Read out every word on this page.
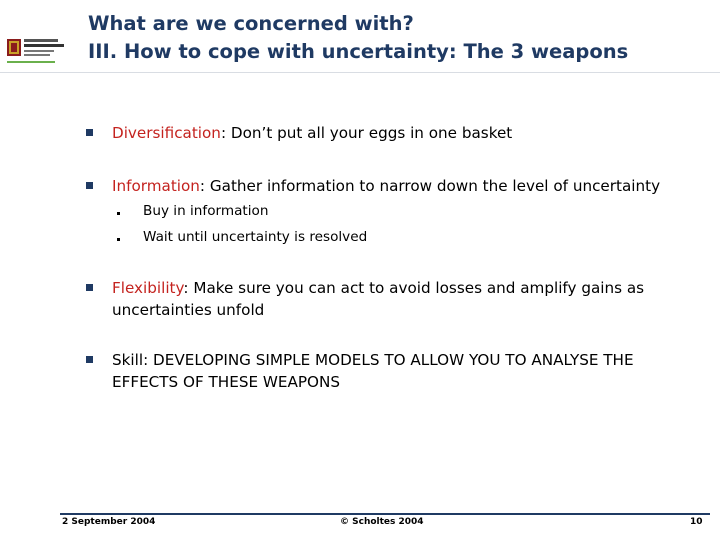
What are we concerned with?
III. How to cope with uncertainty: The 3 weapons
Diversification: Don’t put all your eggs in one basket
Information: Gather information to narrow down the level of uncertainty
Buy in information
Wait until uncertainty is resolved
Flexibility: Make sure you can act to avoid losses and amplify gains as uncertainties unfold
Skill: DEVELOPING SIMPLE MODELS TO ALLOW YOU TO ANALYSE THE EFFECTS OF THESE WEAPONS
2 September 2004	© Scholtes 2004	10
